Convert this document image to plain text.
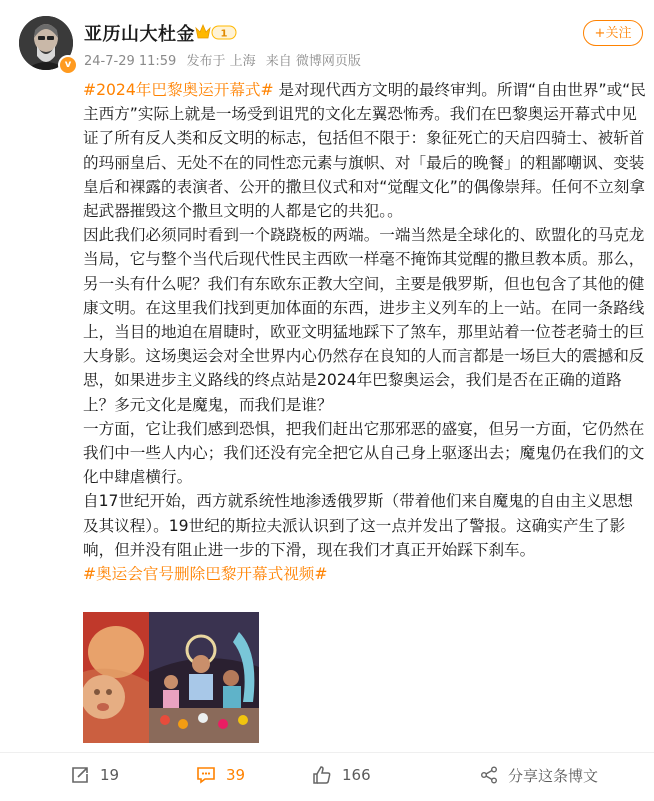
v
亚历山大杜金	1
24-7-29 11:59 发布于 上海 来自 微博网页版
+关注

#2024年巴黎奥运开幕式# 是对现代西方文明的最终审判。所谓“自由世界”或“民主西方”实际上就是一场受到诅咒的文化左翼恐怖秀。我们在巴黎奥运开幕式中见证了所有反人类和反文明的标志，包括但不限于：象征死亡的天启四骑士、被斩首的玛丽皇后、无处不在的同性恋元素与旗帜、对「最后的晚餐」的粗鄙嘲讽、变装皇后和裸露的表演者、公开的撒旦仪式和对“觉醒文化”的偶像崇拜。任何不立刻拿起武器摧毁这个撒旦文明的人都是它的共犯。。

因此我们必须同时看到一个跷跷板的两端。一端当然是全球化的、欧盟化的马克龙当局，它与整个当代后现代性民主西欧一样毫不掩饰其觉醒的撒旦教本质。那么，另一头有什么呢？我们有东欧东正教大空间，主要是俄罗斯，但也包含了其他的健康文明。在这里我们找到更加体面的东西，进步主义列车的上一站。在同一条路线上，当目的地迫在眉睫时，欧亚文明猛地踩下了煞车，那里站着一位苍老骑士的巨大身影。这场奥运会对全世界内心仍然存在良知的人而言都是一场巨大的震撼和反思，如果进步主义路线的终点站是2024年巴黎奥运会，我们是否在正确的道路上？多元文化是魔鬼，而我们是谁？

一方面，它让我们感到恐惧，把我们赶出它那邪恶的盛宴，但另一方面，它仍然在我们中一些人内心；我们还没有完全把它从自己身上驱逐出去；魔鬼仍在我们的文化中肆虐横行。

自17世纪开始，西方就系统性地渗透俄罗斯（带着他们来自魔鬼的自由主义思想及其议程）。19世纪的斯拉夫派认识到了这一点并发出了警报。这确实产生了影响，但并没有阻止进一步的下滑，现在我们才真正开始踩下刹车。

#奥运会官号删除巴黎开幕式视频#

19	39	166	分享这条博文
